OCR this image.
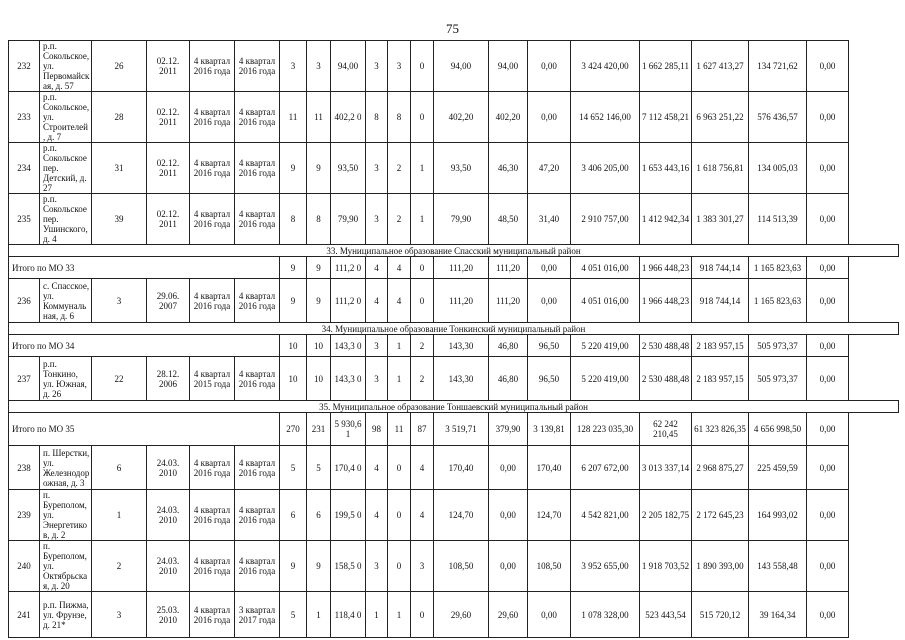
75
232	р.п. Сокольское, ул. Первомайская, д. 57	26	02.12. 2011	4 квартал 2016 года	4 квартал 2016 года	3	3	94,00	3	3	0	94,00	94,00	0,00	3 424 420,00	1 662 285,11	1 627 413,27	134 721,62	0,00
233	р.п. Сокольское, ул. Строителей, д. 7	28	02.12. 2011	4 квартал 2016 года	4 квартал 2016 года	11	11	402,2 0	8	8	0	402,20	402,20	0,00	14 652 146,00	7 112 458,21	6 963 251,22	576 436,57	0,00
234	р.п. Сокольское пер. Детский, д. 27	31	02.12. 2011	4 квартал 2016 года	4 квартал 2016 года	9	9	93,50	3	2	1	93,50	46,30	47,20	3 406 205,00	1 653 443,16	1 618 756,81	134 005,03	0,00
235	р.п. Сокольское пер. Ушинского, д. 4	39	02.12. 2011	4 квартал 2016 года	4 квартал 2016 года	8	8	79,90	3	2	1	79,90	48,50	31,40	2 910 757,00	1 412 942,34	1 383 301,27	114 513,39	0,00
33. Муниципальное образование Спасский муниципальный район																			
Итого по МО 33						9	9	111,2 0	4	4	0	111,20	111,20	0,00	4 051 016,00	1 966 448,23	918 744,14	1 165 823,63	0,00
236	с. Спасское, ул. Коммунальная, д. 6	3	29.06. 2007	4 квартал 2016 года	4 квартал 2016 года	9	9	111,2 0	4	4	0	111,20	111,20	0,00	4 051 016,00	1 966 448,23	918 744,14	1 165 823,63	0,00
34. Муниципальное образование Тонкинский муниципальный район																			
Итого по МО 34						10	10	143,3 0	3	1	2	143,30	46,80	96,50	5 220 419,00	2 530 488,48	2 183 957,15	505 973,37	0,00
237	р.п. Тонкино, ул. Южная, д. 26	22	28.12. 2006	4 квартал 2015 года	4 квартал 2016 года	10	10	143,3 0	3	1	2	143,30	46,80	96,50	5 220 419,00	2 530 488,48	2 183 957,15	505 973,37	0,00
35. Муниципальное образование Тоншаевский муниципальный район																			
Итого по МО 35						270	231	5 930,6 1	98	11	87	3 519,71	379,90	3 139,81	128 223 035,30	62 242 210,45	61 323 826,35	4 656 998,50	0,00
238	п. Шерстки, ул. Железнодорожная, д. 3	6	24.03. 2010	4 квартал 2016 года	4 квартал 2016 года	5	5	170,4 0	4	0	4	170,40	0,00	170,40	6 207 672,00	3 013 337,14	2 968 875,27	225 459,59	0,00
239	п. Буреполом, ул. Энергетиков, д. 2	1	24.03. 2010	4 квартал 2016 года	4 квартал 2016 года	6	6	199,5 0	4	0	4	124,70	0,00	124,70	4 542 821,00	2 205 182,75	2 172 645,23	164 993,02	0,00
240	п. Буреполом, ул. Октябрьская, д. 20	2	24.03. 2010	4 квартал 2016 года	4 квартал 2016 года	9	9	158,5 0	3	0	3	108,50	0,00	108,50	3 952 655,00	1 918 703,52	1 890 393,00	143 558,48	0,00
241	р.п. Пижма, ул. Фрунзе, д. 21*	3	25.03. 2010	4 квартал 2016 года	3 квартал 2017 года	5	1	118,4 0	1	1	0	29,60	29,60	0,00	1 078 328,00	523 443,54	515 720,12	39 164,34	0,00
